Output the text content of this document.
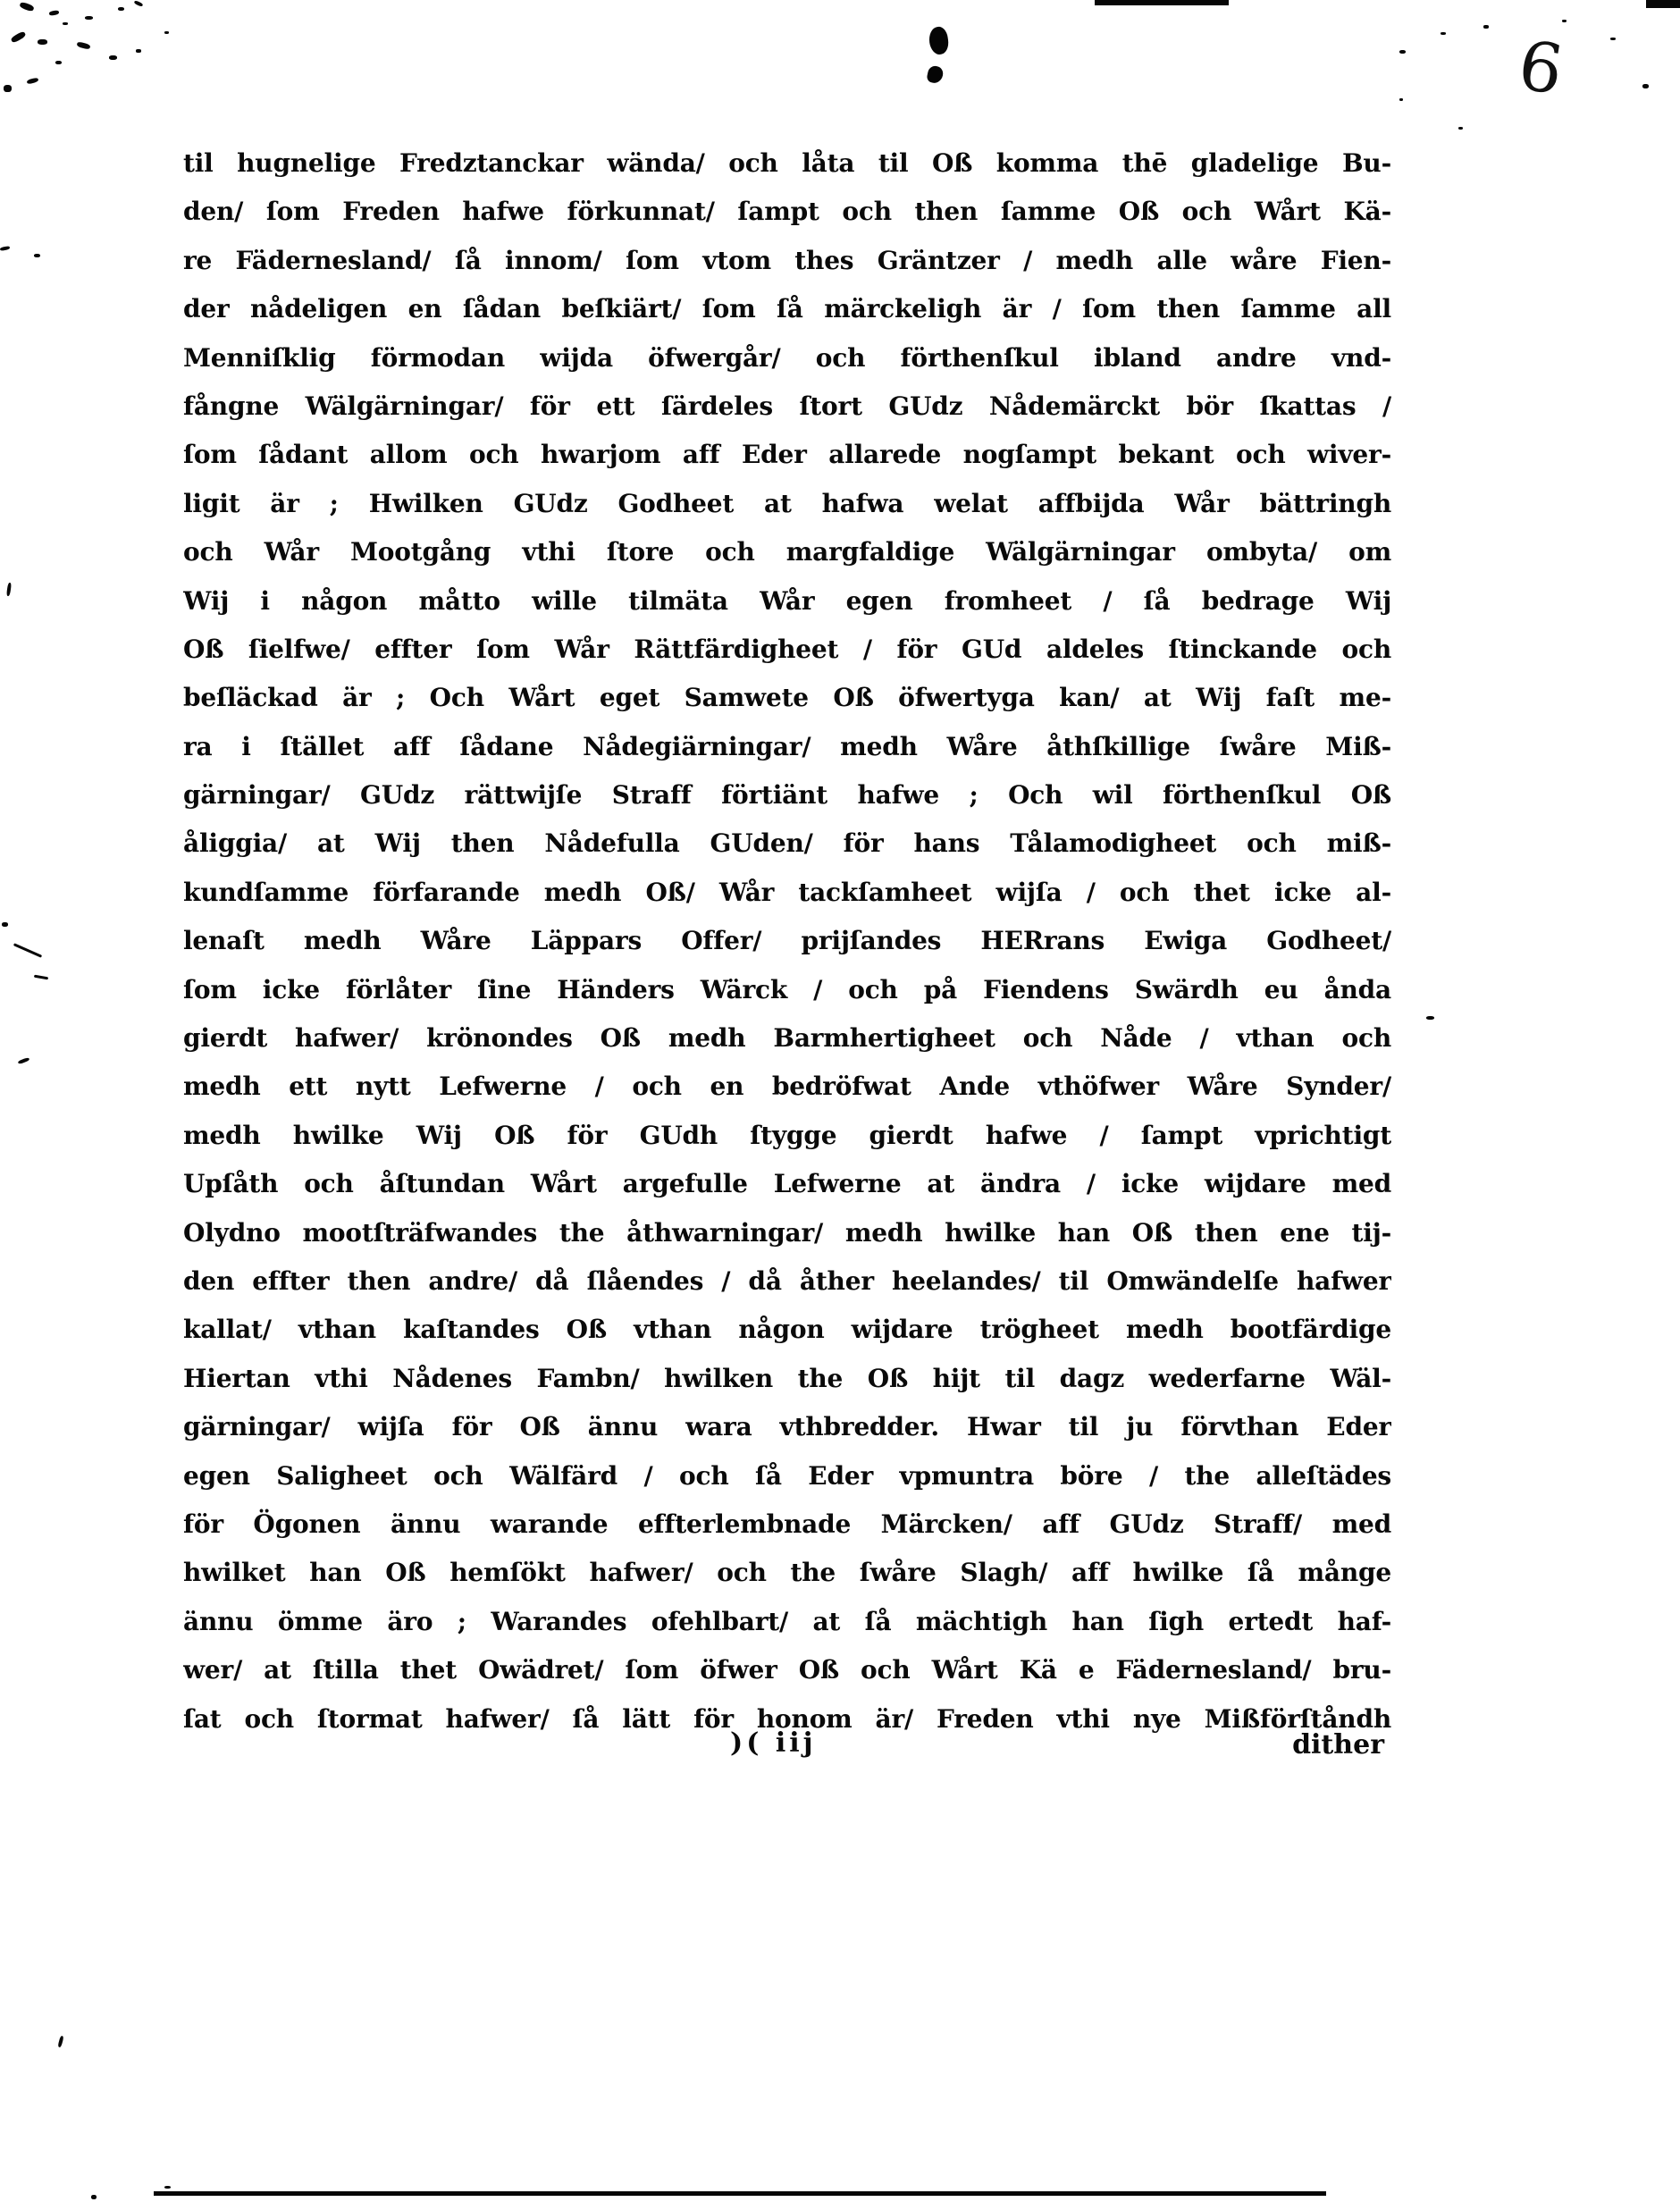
6
til hugnelige Fredztanckar wända/ och låta til Oß komma thē gladelige Bu-
den/ ſom Freden hafwe förkunnat/ ſampt och then ſamme Oß och Wårt Kä-
re Fädernesland/ ſå innom/ ſom vtom thes Gräntzer / medh alle wåre Fien-
der nådeligen en ſådan beſkiärt/ ſom ſå märckeligh är / ſom then ſamme all
Menniſklig förmodan wijda öfwergår/ och förthenſkul ibland andre vnd-
fångne Wälgärningar/ för ett ſärdeles ſtort GUdz Nådemärckt bör ſkattas /
ſom ſådant allom och hwarjom aff Eder allarede nogſampt bekant och wiver-
ligit är ; Hwilken GUdz Godheet at hafwa welat affbijda Wår bättringh
och Wår Mootgång vthi ſtore och margfaldige Wälgärningar ombyta/ om
Wij i någon måtto wille tilmäta Wår egen fromheet / ſå bedrage Wij
Oß ſielfwe/ effter ſom Wår Rättfärdigheet / för GUd aldeles ſtinckande och
beſläckad är ; Och Wårt eget Samwete Oß öfwertyga kan/ at Wij faſt me-
ra i ſtället aff ſådane Nådegiärningar/ medh Wåre åthſkillige ſwåre Miß-
gärningar/ GUdz rättwijſe Straff förtiänt hafwe ; Och wil förthenſkul Oß
åliggia/ at Wij then Nådefulla GUden/ för hans Tålamodigheet och miß-
kundſamme förfarande medh Oß/ Wår tackſamheet wijſa / och thet icke al-
lenaſt medh Wåre Läppars Offer/ prijſandes HERrans Ewiga Godheet/
ſom icke förlåter ſine Händers Wärck / och på Fiendens Swärdh eu ånda
gierdt hafwer/ krönondes Oß medh Barmhertigheet och Nåde / vthan och
medh ett nytt Lefwerne / och en bedröfwat Ande vthöfwer Wåre Synder/
medh hwilke Wij Oß för GUdh ſtygge gierdt hafwe / ſampt vprichtigt
Upſåth och åſtundan Wårt argefulle Lefwerne at ändra / icke wijdare med
Olydno mootſträfwandes the åthwarningar/ medh hwilke han Oß then ene tij-
den effter then andre/ då ſlåendes / då åther heelandes/ til Omwändelſe hafwer
kallat/ vthan kaſtandes Oß vthan någon wijdare trögheet medh bootfärdige
Hiertan vthi Nådenes Fambn/ hwilken the Oß hijt til dagz wederfarne Wäl-
gärningar/ wijſa för Oß ännu wara vthbredder. Hwar til ju förvthan Eder
egen Saligheet och Wälfärd / och ſå Eder vpmuntra böre / the alleſtädes
för Ögonen ännu warande effterlembnade Märcken/ aff GUdz Straff/ med
hwilket han Oß hemſökt hafwer/ och the ſwåre Slagh/ aff hwilke ſå månge
ännu ömme äro ; Warandes ofehlbart/ at ſå mächtigh han ſigh ertedt haf-
wer/ at ſtilla thet Owädret/ ſom öfwer Oß och Wårt Kä e Fädernesland/ bru-
ſat och ſtormat hafwer/ ſå lätt för honom är/ Freden vthi nye Mißförſtåndh
)( iij	dither
